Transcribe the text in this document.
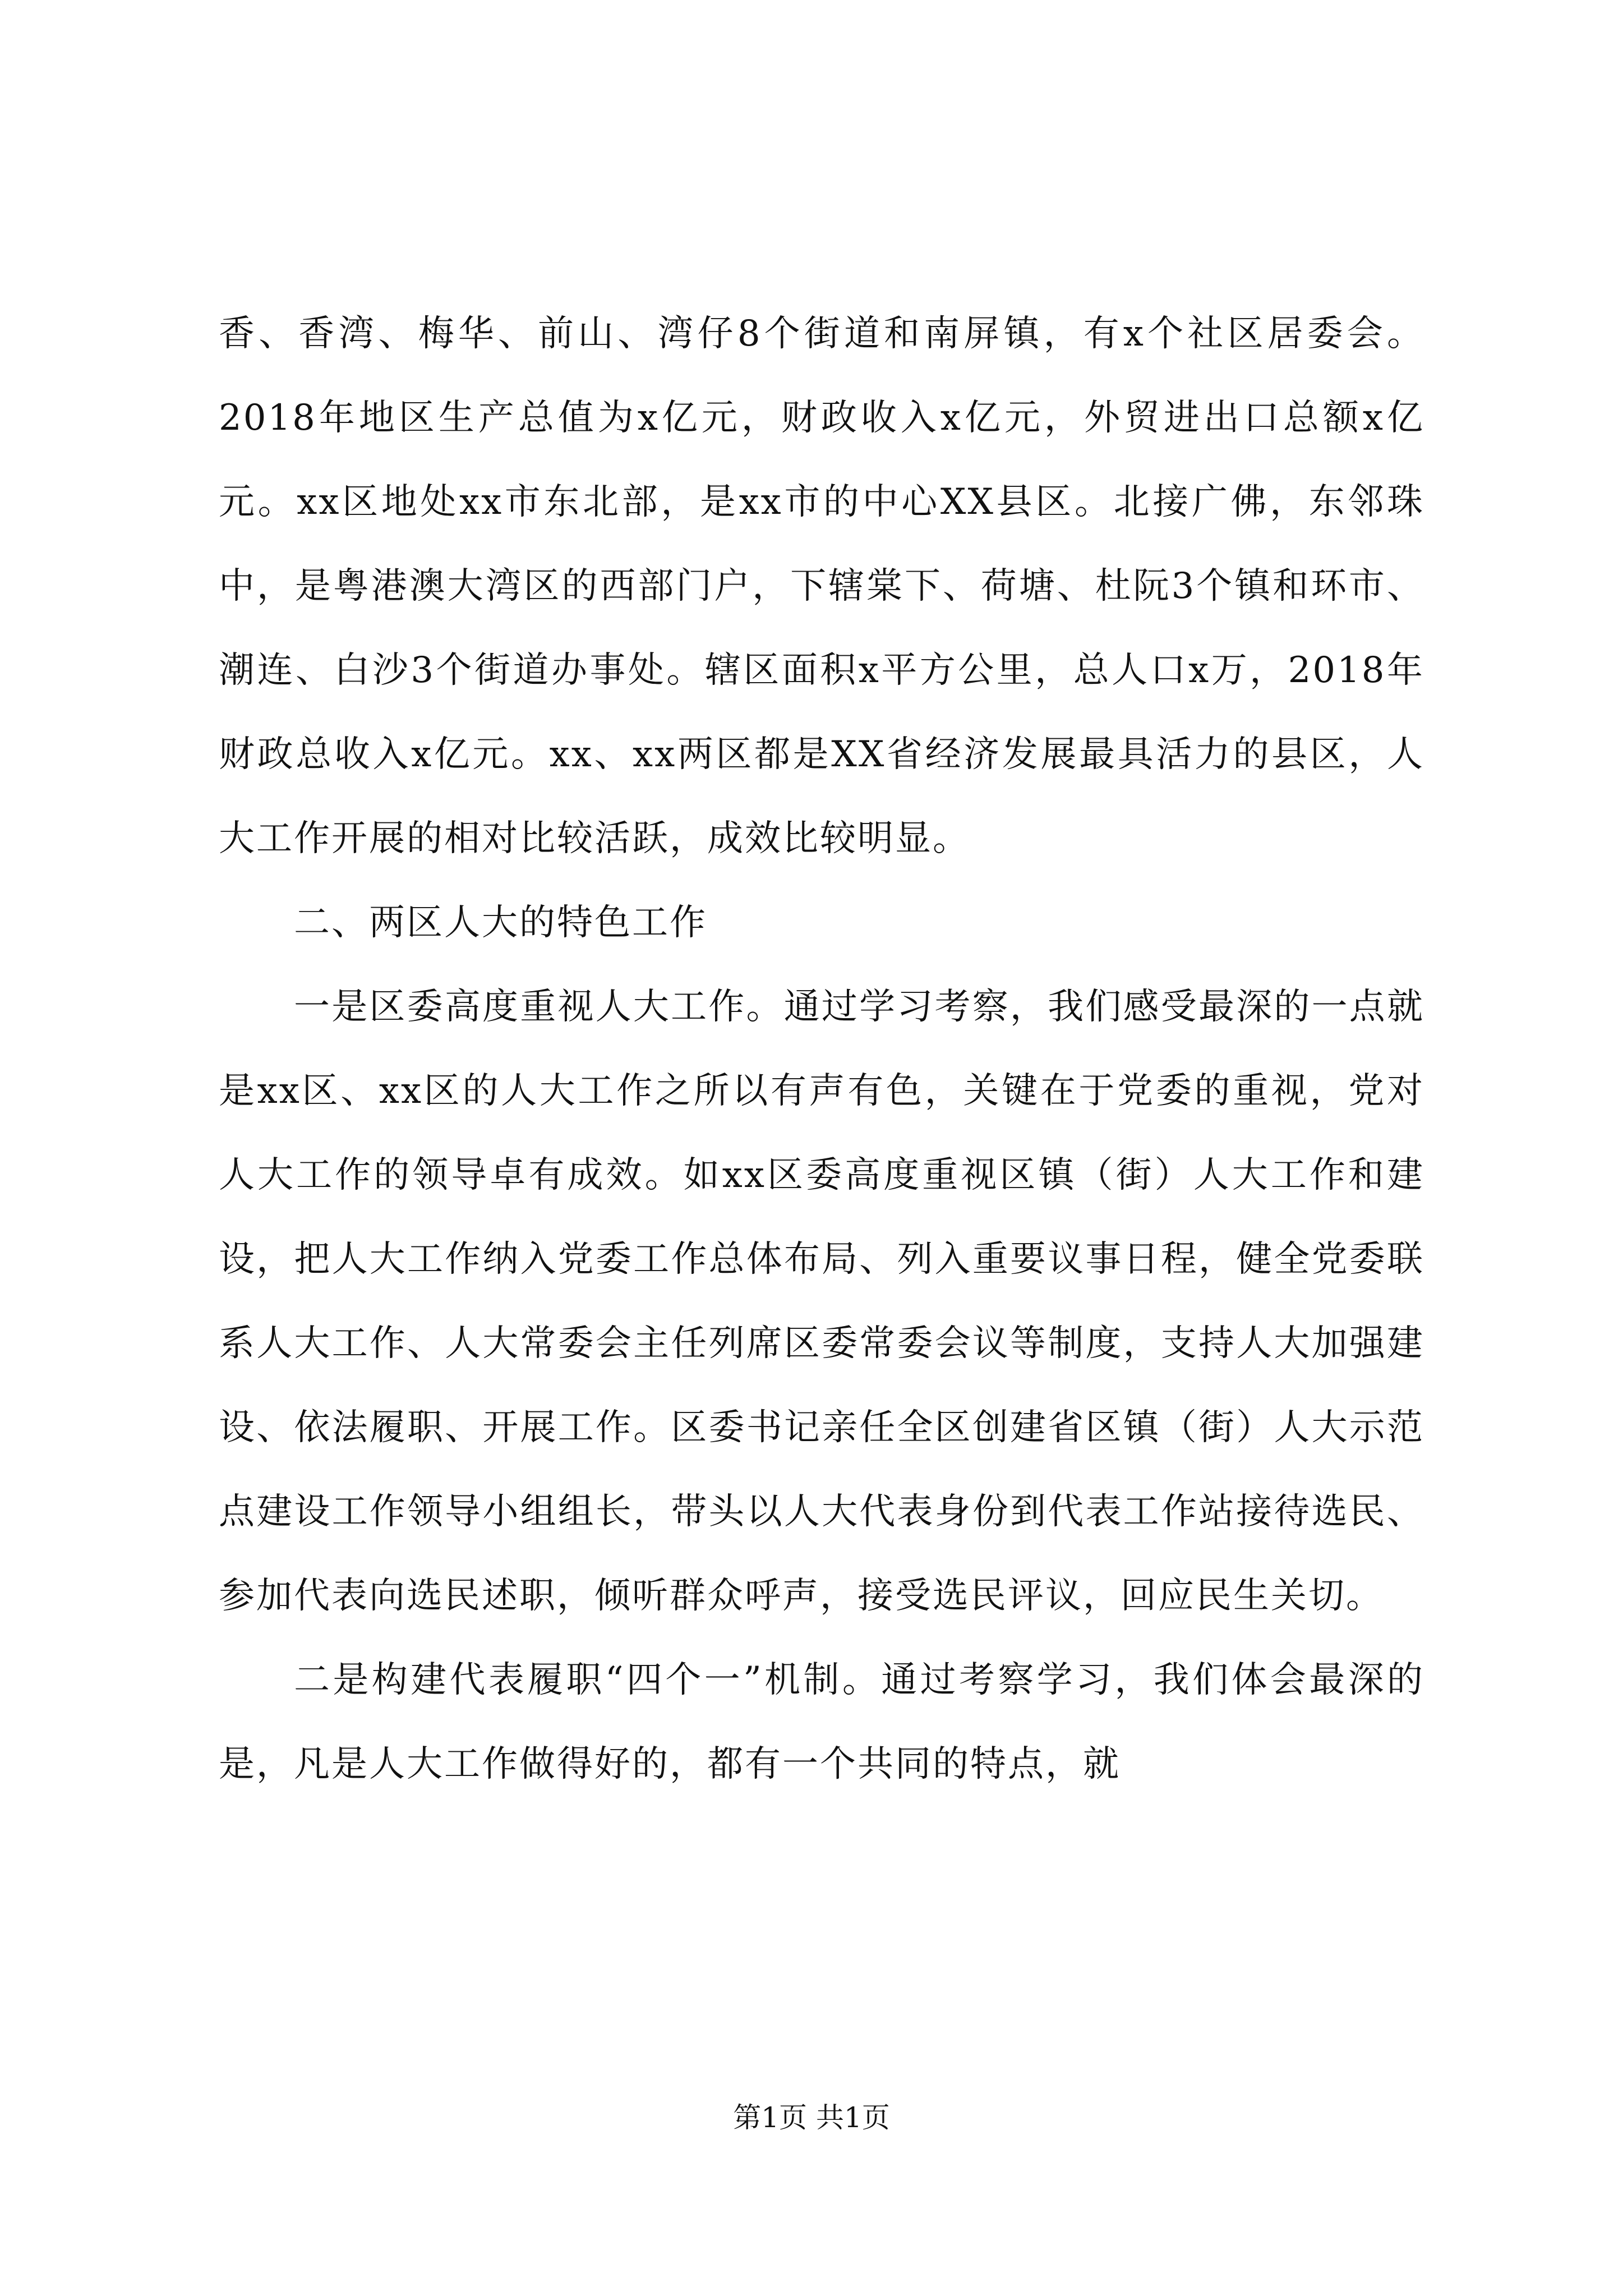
香、香湾、梅华、前山、湾仔8个街道和南屏镇，有x个社区居委会。2018年地区生产总值为x亿元，财政收入x亿元，外贸进出口总额x亿元。xx区地处xx市东北部，是xx市的中心XX县区。北接广佛，东邻珠中，是粤港澳大湾区的西部门户，下辖棠下、荷塘、杜阮3个镇和环市、潮连、白沙3个街道办事处。辖区面积x平方公里，总人口x万，2018年财政总收入x亿元。xx、xx两区都是XX省经济发展最具活力的县区，人大工作开展的相对比较活跃，成效比较明显。

二、两区人大的特色工作

一是区委高度重视人大工作。通过学习考察，我们感受最深的一点就是xx区、xx区的人大工作之所以有声有色，关键在于党委的重视，党对人大工作的领导卓有成效。如xx区委高度重视区镇（街）人大工作和建设，把人大工作纳入党委工作总体布局、列入重要议事日程，健全党委联系人大工作、人大常委会主任列席区委常委会议等制度，支持人大加强建设、依法履职、开展工作。区委书记亲任全区创建省区镇（街）人大示范点建设工作领导小组组长，带头以人大代表身份到代表工作站接待选民、参加代表向选民述职，倾听群众呼声，接受选民评议，回应民生关切。

二是构建代表履职“四个一”机制。通过考察学习，我们体会最深的是，凡是人大工作做得好的，都有一个共同的特点，就

第1页 共1页
